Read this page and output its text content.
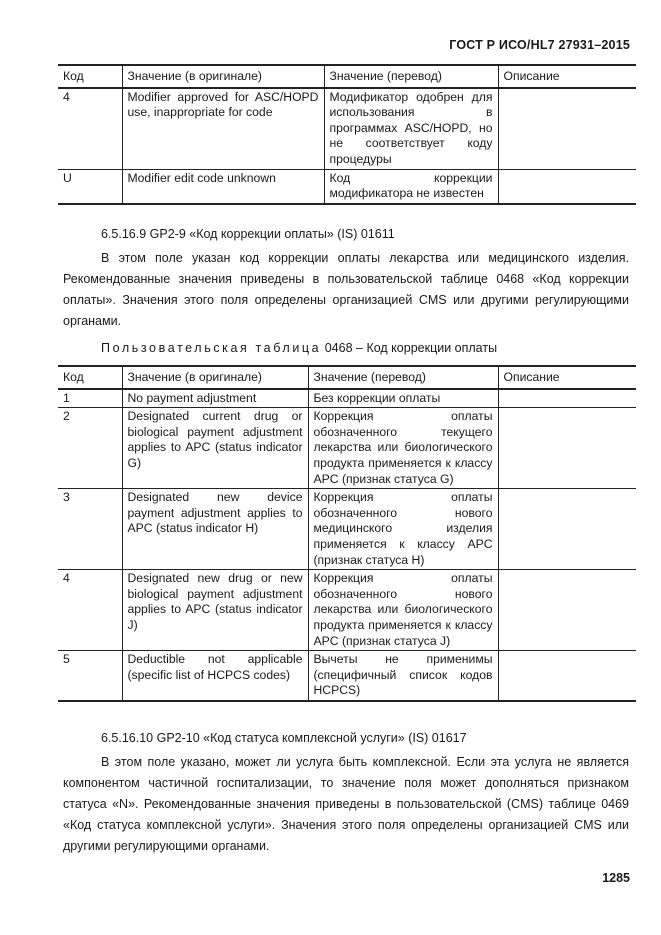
ГОСТ Р ИСО/HL7 27931–2015
Код	Значение (в оригинале)	Значение (перевод)	Описание
4	Modifier approved for ASC/HOPD use, inappropriate for code	Модификатор одобрен для использования в программах ASC/HOPD, но не соответствует коду процедуры	
U	Modifier edit code unknown	Код коррекции модификатора не известен	
6.5.16.9 GP2-9 «Код коррекции оплаты» (IS) 01611
В этом поле указан код коррекции оплаты лекарства или медицинского изделия. Рекомендованные значения приведены в пользовательской таблице 0468 «Код коррекции оплаты». Значения этого поля определены организацией CMS или другими регулирующими органами.
Пользовательская таблица 0468 – Код коррекции оплаты
Код	Значение (в оригинале)	Значение (перевод)	Описание
1	No payment adjustment	Без коррекции оплаты	
2	Designated current drug or biological payment adjustment applies to APC (status indicator G)	Коррекция оплаты обозначенного текущего лекарства или биологического продукта применяется к классу APC (признак статуса G)	
3	Designated new device payment adjustment applies to APC (status indicator H)	Коррекция оплаты обозначенного нового медицинского изделия применяется к классу APC (признак статуса H)	
4	Designated new drug or new biological payment adjustment applies to APC (status indicator J)	Коррекция оплаты обозначенного нового лекарства или биологического продукта применяется к классу APC (признак статуса J)	
5	Deductible not applicable (specific list of HCPCS codes)	Вычеты не применимы (специфичный список кодов HCPCS)	
6.5.16.10 GP2-10 «Код статуса комплексной услуги» (IS) 01617
В этом поле указано, может ли услуга быть комплексной. Если эта услуга не является компонентом частичной госпитализации, то значение поля может дополняться признаком статуса «N». Рекомендованные значения приведены в пользовательской (CMS) таблице 0469 «Код статуса комплексной услуги». Значения этого поля определены организацией CMS или другими регулирующими органами.
1285
